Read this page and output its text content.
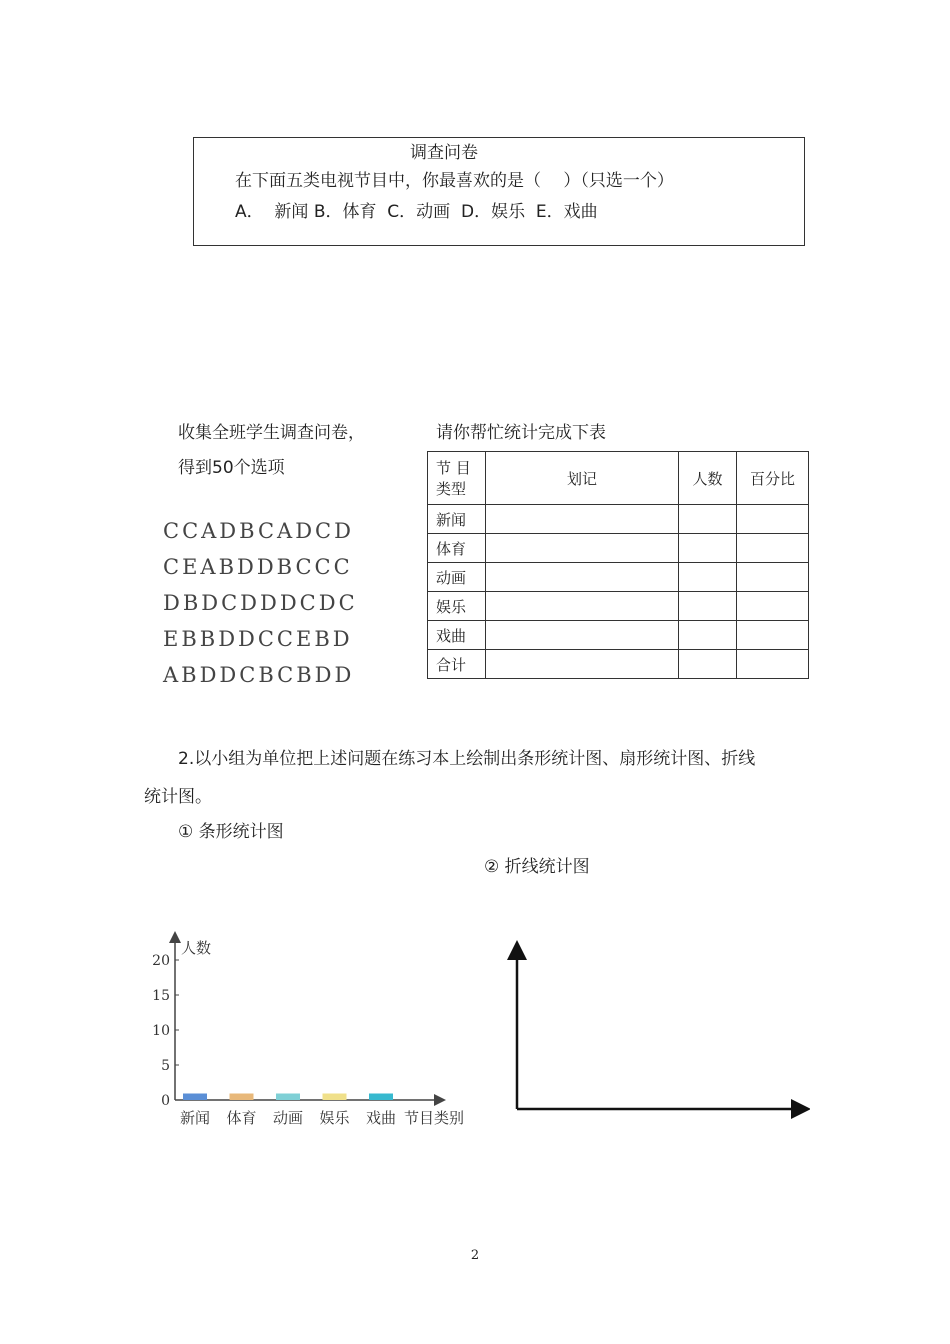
调查问卷
在下面五类电视节目中，你最喜欢的是（　 ）（只选一个）
A．  新闻 B．体育  C．动画  D．娱乐  E．戏曲
收集全班学生调查问卷，
得到50个选项
请你帮忙统计完成下表
CCADBCADCD
CEABDDBCCC
DBDCDDDCDC
EBBDDCCEBD
ABDDCBCBDD
节 目
类型	划记	人数	百分比
新闻			
体育			
动画			
娱乐			
戏曲			
合计			
2.以小组为单位把上述问题在练习本上绘制出条形统计图、扇形统计图、折线
统计图。
① 条形统计图
② 折线统计图
人数
节目类别
0
5
10
15
20
新闻 体育 动画 娱乐 戏曲
2
